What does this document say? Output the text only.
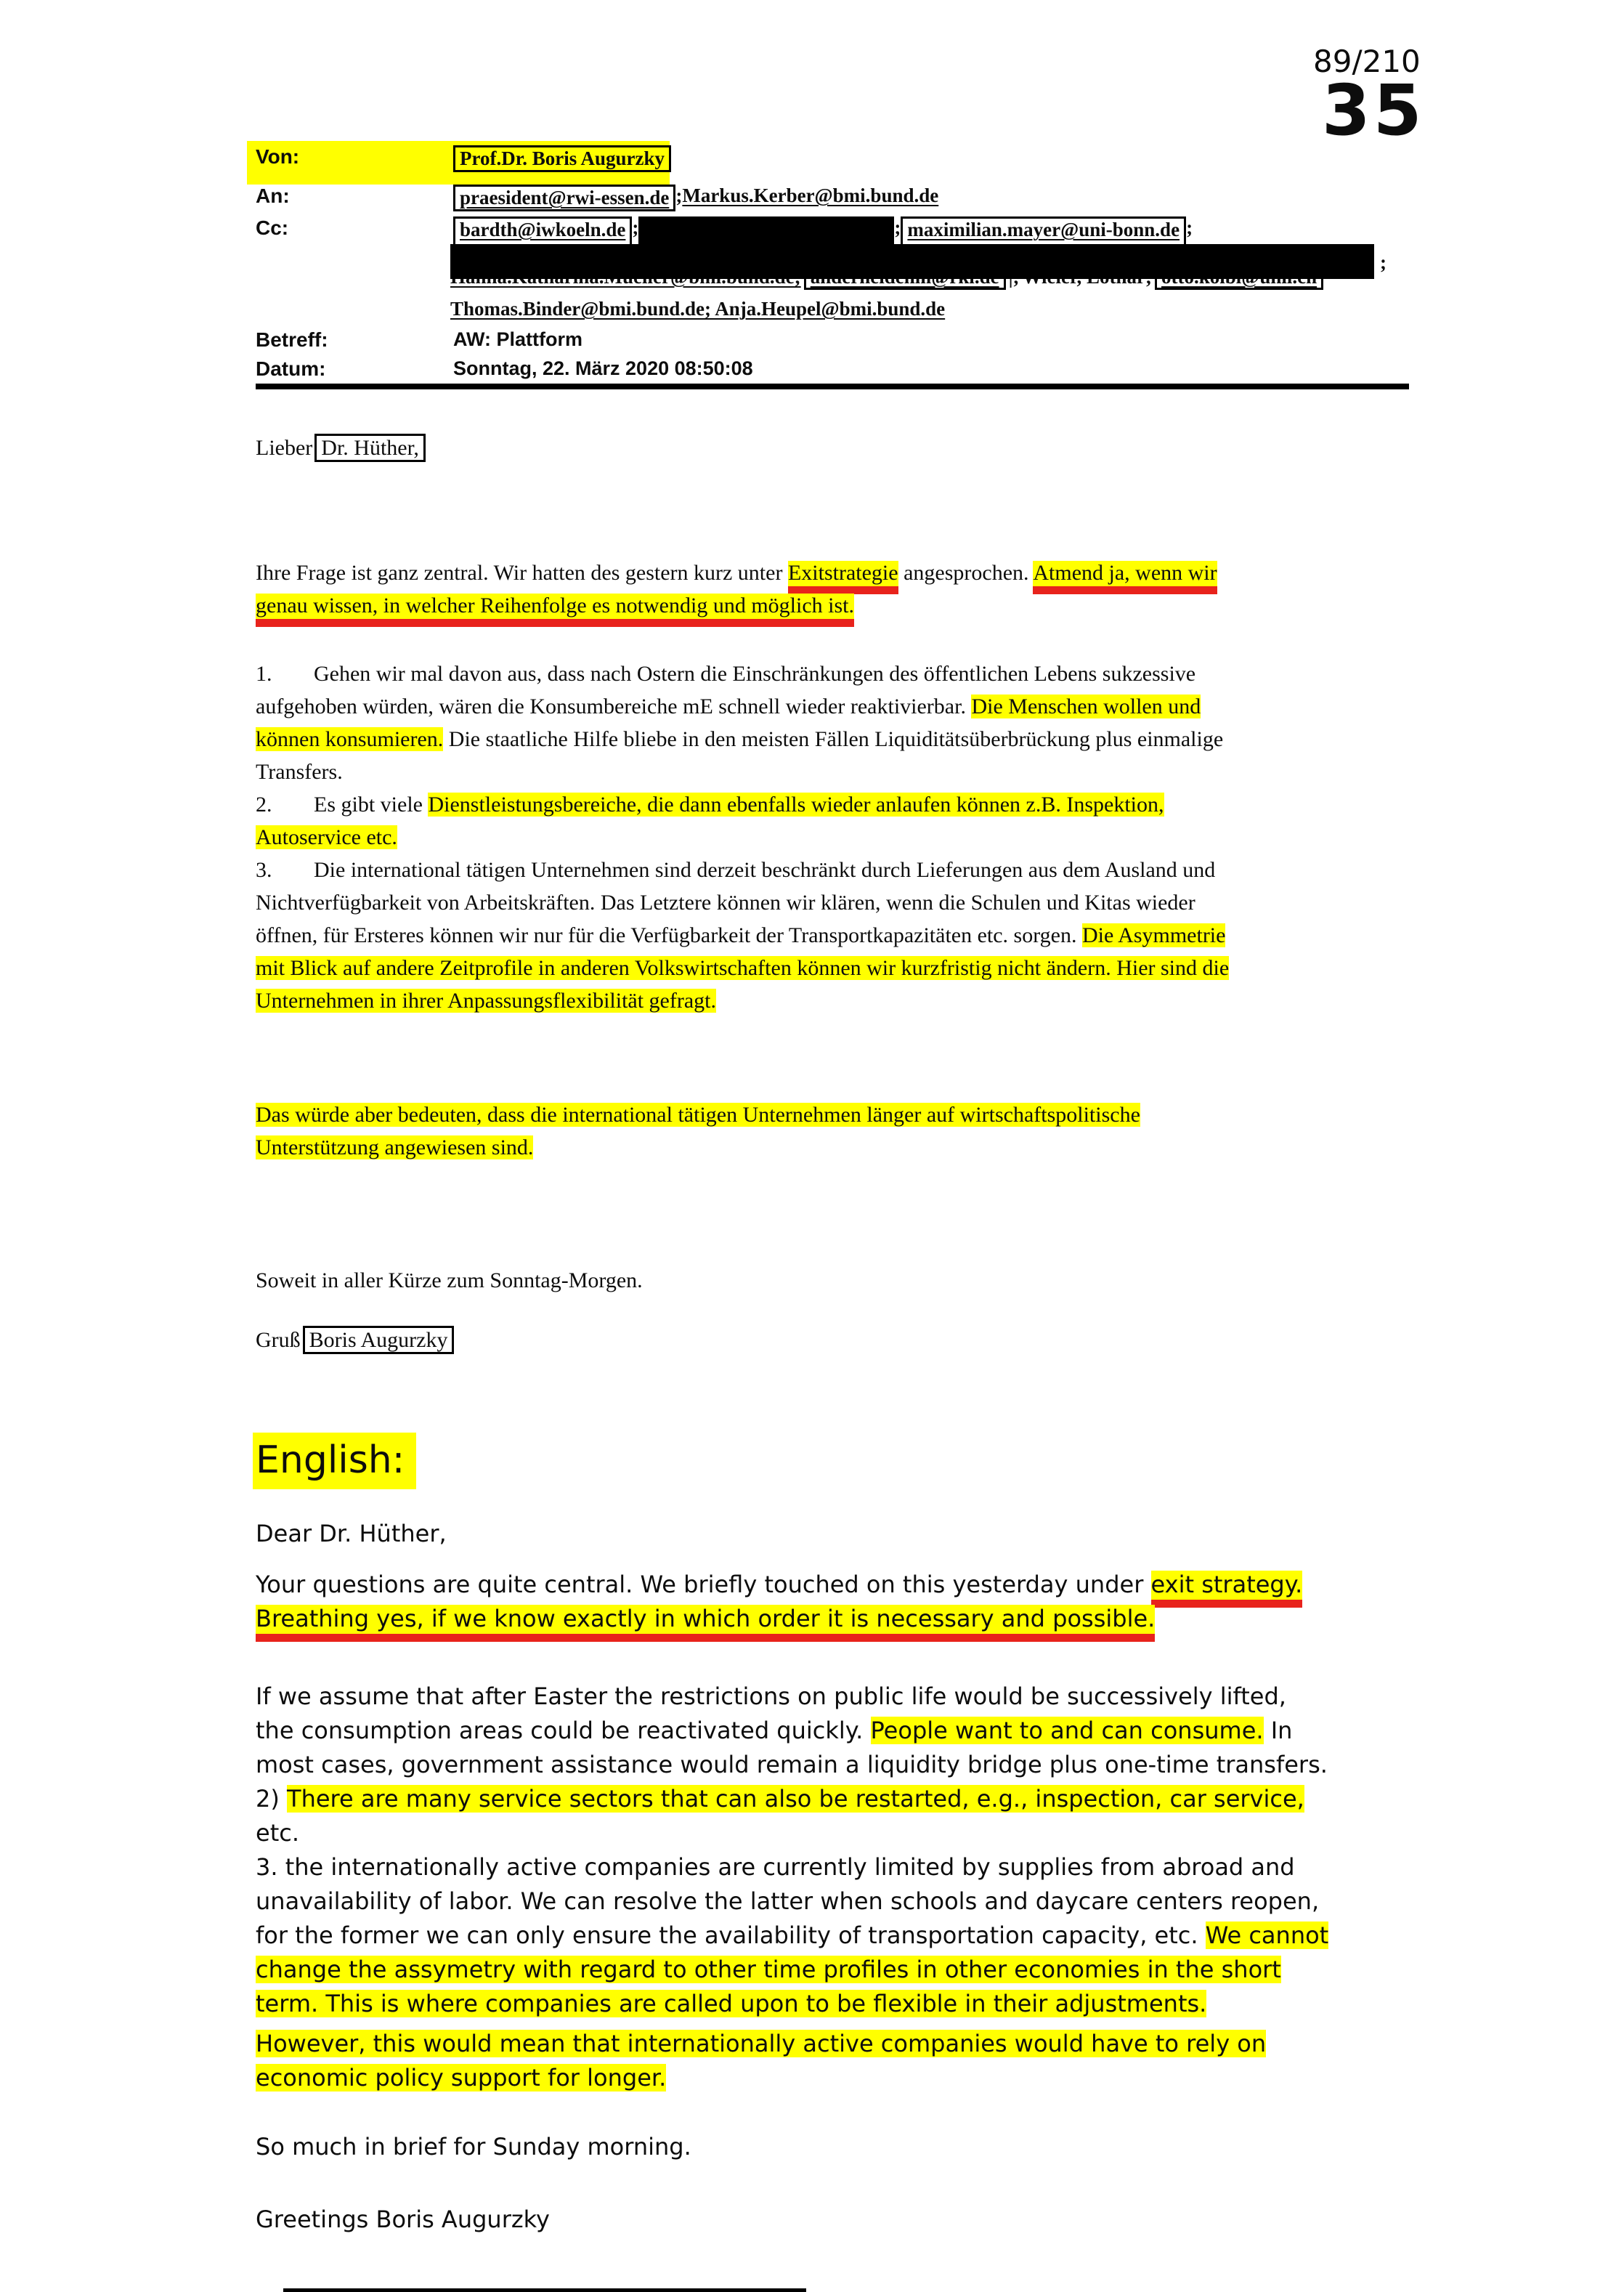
89/210
35
Von:	Prof.Dr. Boris Augurzky
An:	praesident@rwi-essen.de ; Markus.Kerber@bmi.bund.de
Cc:	bardth@iwkoeln.de ;	; maximilian.mayer@uni-bonn.de ;
;
Thomas.Binder@bmi.bund.de; Anja.Heupel@bmi.bund.de
Betreff:	AW: Plattform
Datum:	Sonntag, 22. März 2020 08:50:08
Lieber Dr. Hüther,
Ihre Frage ist ganz zentral. Wir hatten des gestern kurz unter Exitstrategie angesprochen. Atmend ja, wenn wir
genau wissen, in welcher Reihenfolge es notwendig und möglich ist.
1. Gehen wir mal davon aus, dass nach Ostern die Einschränkungen des öffentlichen Lebens sukzessive
aufgehoben würden, wären die Konsumbereiche mE schnell wieder reaktivierbar. Die Menschen wollen und
können konsumieren. Die staatliche Hilfe bliebe in den meisten Fällen Liquiditätsüberbrückung plus einmalige
Transfers.
2. Es gibt viele Dienstleistungsbereiche, die dann ebenfalls wieder anlaufen können z.B. Inspektion,
Autoservice etc.
3. Die international tätigen Unternehmen sind derzeit beschränkt durch Lieferungen aus dem Ausland und
Nichtverfügbarkeit von Arbeitskräften. Das Letztere können wir klären, wenn die Schulen und Kitas wieder
öffnen, für Ersteres können wir nur für die Verfügbarkeit der Transportkapazitäten etc. sorgen. Die Asymmetrie
mit Blick auf andere Zeitprofile in anderen Volkswirtschaften können wir kurzfristig nicht ändern. Hier sind die
Unternehmen in ihrer Anpassungsflexibilität gefragt.
Das würde aber bedeuten, dass die international tätigen Unternehmen länger auf wirtschaftspolitische
Unterstützung angewiesen sind.
Soweit in aller Kürze zum Sonntag-Morgen.
Gruß Boris Augurzky
English:
Dear Dr. Hüther,
Your questions are quite central. We briefly touched on this yesterday under exit strategy.
Breathing yes, if we know exactly in which order it is necessary and possible.
If we assume that after Easter the restrictions on public life would be successively lifted,
the consumption areas could be reactivated quickly. People want to and can consume. In
most cases, government assistance would remain a liquidity bridge plus one-time transfers.
2) There are many service sectors that can also be restarted, e.g., inspection, car service,
etc.
3. the internationally active companies are currently limited by supplies from abroad and
unavailability of labor. We can resolve the latter when schools and daycare centers reopen,
for the former we can only ensure the availability of transportation capacity, etc. We cannot
change the assymetry with regard to other time profiles in other economies in the short
term. This is where companies are called upon to be flexible in their adjustments.
However, this would mean that internationally active companies would have to rely on
economic policy support for longer.
So much in brief for Sunday morning.
Greetings Boris Augurzky
